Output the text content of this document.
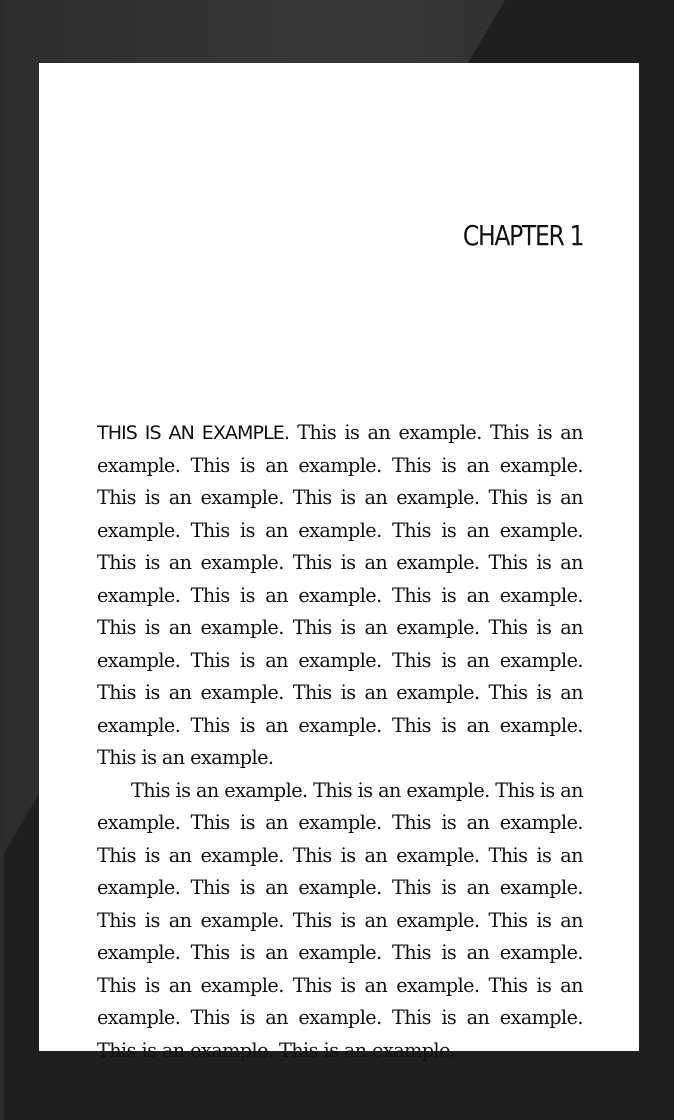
CHAPTER 1

THIS IS AN EXAMPLE. This is an example. This is an example. This is an example. This is an example. This is an example. This is an example. This is an example. This is an example. This is an example. This is an example. This is an example. This is an example. This is an example. This is an example. This is an example. This is an example. This is an example. This is an example. This is an example. This is an example. This is an example. This is an example. This is an example. This is an example. This is an example.

This is an example. This is an example. This is an example. This is an example. This is an example. This is an example. This is an example. This is an example. This is an example. This is an example. This is an example. This is an example. This is an example. This is an example. This is an example. This is an example. This is an example. This is an example. This is an example. This is an example. This is an example. This is an example.
